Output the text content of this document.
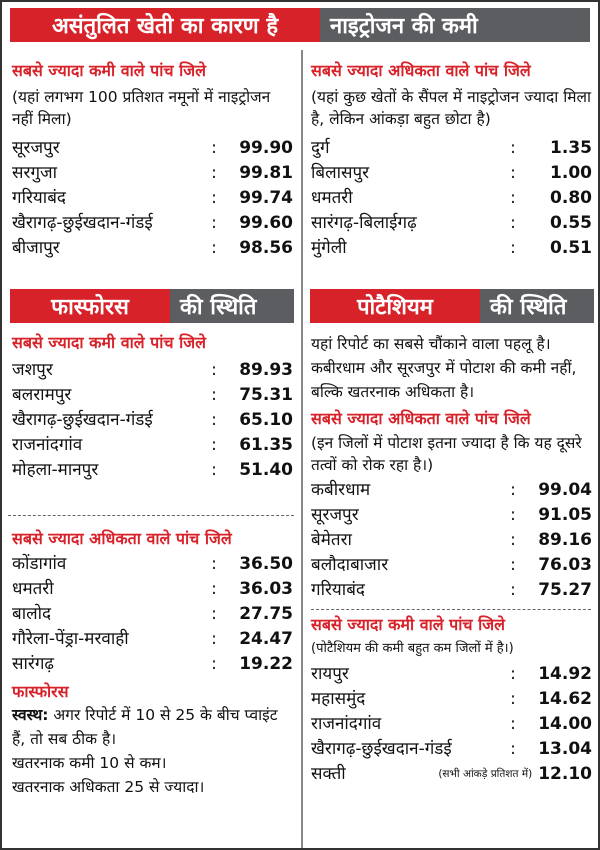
असंतुलित खेती का कारण है	नाइट्रोजन की कमी
सबसे ज्यादा कमी वाले पांच जिले
(यहां लगभग 100 प्रतिशत नमूनों में नाइट्रोजन नहीं मिला)
सूरजपुर	:	99.90
सरगुजा	:	99.81
गरियाबंद	:	99.74
खैरागढ़-छुईखदान-गंडई	:	99.60
बीजापुर	:	98.56
सबसे ज्यादा अधिकता वाले पांच जिले
(यहां कुछ खेतों के सैंपल में नाइट्रोजन ज्यादा मिला है, लेकिन आंकड़ा बहुत छोटा है)
दुर्ग	:	1.35
बिलासपुर	:	1.00
धमतरी	:	0.80
सारंगढ़-बिलाईगढ़	:	0.55
मुंगेली	:	0.51
फास्फोरस	की स्थिति	पोटैशियम	की स्थिति
सबसे ज्यादा कमी वाले पांच जिले
जशपुर	:	89.93
बलरामपुर	:	75.31
खैरागढ़-छुईखदान-गंडई	:	65.10
राजनांदगांव	:	61.35
मोहला-मानपुर	:	51.40
सबसे ज्यादा अधिकता वाले पांच जिले
कोंडागांव	:	36.50
धमतरी	:	36.03
बालोद	:	27.75
गौरेला-पेंड्रा-मरवाही	:	24.47
सारंगढ़	:	19.22
फास्फोरस
स्वस्थ: अगर रिपोर्ट में 10 से 25 के बीच प्वाइंट हैं, तो सब ठीक है।
खतरनाक कमी 10 से कम।
खतरनाक अधिकता 25 से ज्यादा।
यहां रिपोर्ट का सबसे चौंकाने वाला पहलू है। कबीरधाम और सूरजपुर में पोटाश की कमी नहीं, बल्कि खतरनाक अधिकता है।
सबसे ज्यादा अधिकता वाले पांच जिले
(इन जिलों में पोटाश इतना ज्यादा है कि यह दूसरे तत्वों को रोक रहा है।)
कबीरधाम	:	99.04
सूरजपुर	:	91.05
बेमेतरा	:	89.16
बलौदाबाजार	:	76.03
गरियाबंद	:	75.27
सबसे ज्यादा कमी वाले पांच जिले
(पोटैशियम की कमी बहुत कम जिलों में है।)
रायपुर	:	14.92
महासमुंद	:	14.62
राजनांदगांव	:	14.00
खैरागढ़-छुईखदान-गंडई	:	13.04
सक्ती	(सभी आंकड़े प्रतिशत में) 12.10
